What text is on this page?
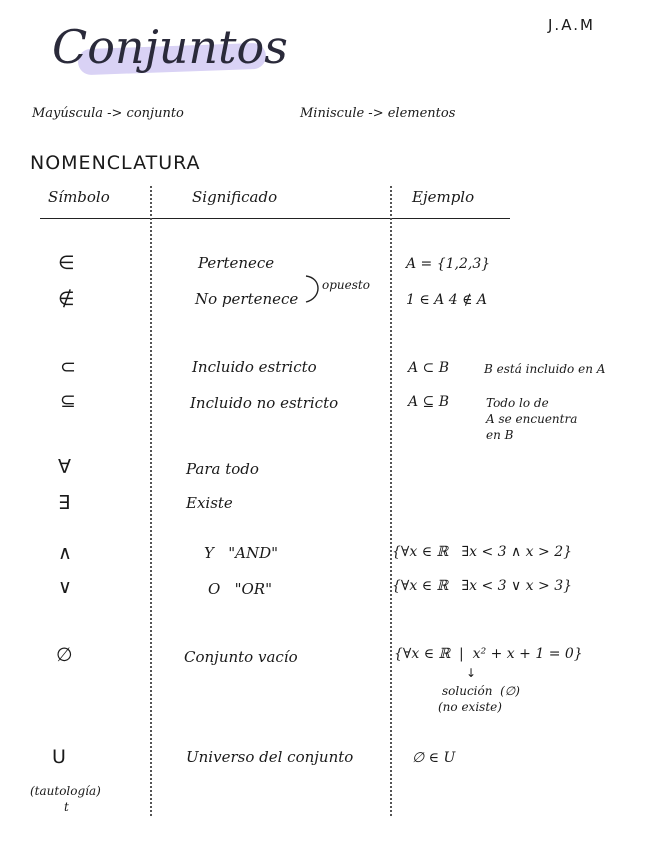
Conjuntos	J.A.M
Mayúscula -> conjunto	Miniscule -> elementos
NOMENCLATURA
Símbolo	Significado	Ejemplo
∈	Pertenece	A = {1,2,3}
∉	No pertenece	1 ∈ A 4 ∉ A
opuesto
⊂	Incluido estricto	A ⊂ B	B está incluido en A
⊆	Incluido no estricto	A ⊆ B	Todo lo de
A se encuentra
en B
∀	Para todo
∃	Existe
∧	Y   "AND"	{∀x ∈ ℝ   ∃x < 3 ∧ x > 2}
∨	O   "OR"	{∀x ∈ ℝ   ∃x < 3 ∨ x > 3}
∅	Conjunto vacío	{∀x ∈ ℝ  |  x² + x + 1 = 0}
↓
solución  (∅)
(no existe)
U	Universo del conjunto	∅ ∈ U
(tautología)
t
